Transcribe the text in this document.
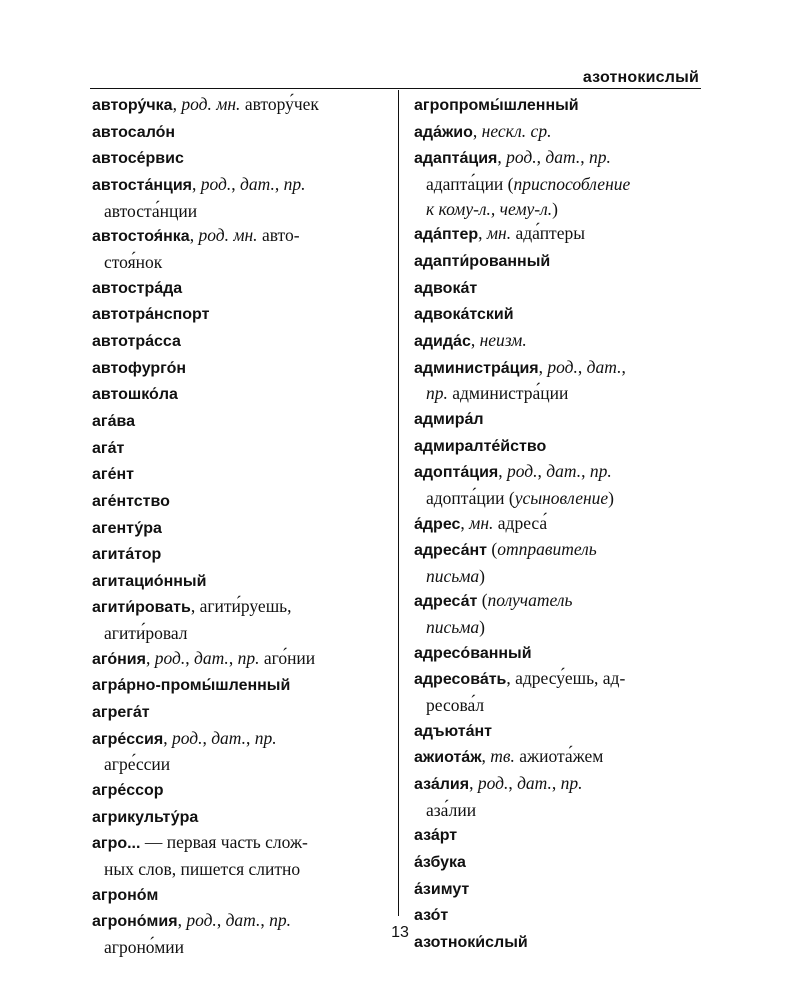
азотнокислый
автору́чка, род. мн. автору́чек
автосало́н
автосе́рвис
автоста́нция, род., дат., пр.
автоста́нции
автостоя́нка, род. мн. авто-
стоя́нок
автостра́да
автотра́нспорт
автотра́сса
автофурго́н
автошко́ла
ага́ва
ага́т
аге́нт
аге́нтство
агенту́ра
агита́тор
агитацио́нный
агити́ровать, агити́руешь,
агити́ровал
аго́ния, род., дат., пр. аго́нии
агра́рно-промы́шленный
агрега́т
агре́ссия, род., дат., пр.
агре́ссии
агре́ссор
агрикульту́ра
агро... — первая часть слож-
ных слов, пишется слитно
агроно́м
агроно́мия, род., дат., пр.
агроно́мии
агропромы́шленный
ада́жио, нескл. ср.
адапта́ция, род., дат., пр.
адапта́ции (приспособление
к кому-л., чему-л.)
ада́птер, мн. ада́птеры
адапти́рованный
адвока́т
адвока́тский
адида́с, неизм.
администра́ция, род., дат.,
пр. администра́ции
адмира́л
адмиралте́йство
адопта́ция, род., дат., пр.
адопта́ции (усыновление)
а́дрес, мн. адреса́
адреса́нт (отправитель
письма)
адреса́т (получатель
письма)
адресо́ванный
адресова́ть, адресу́ешь, ад-
ресова́л
адъюта́нт
ажиота́ж, тв. ажиота́жем
аза́лия, род., дат., пр.
аза́лии
аза́рт
а́збука
а́зимут
азо́т
азотноки́слый
13
